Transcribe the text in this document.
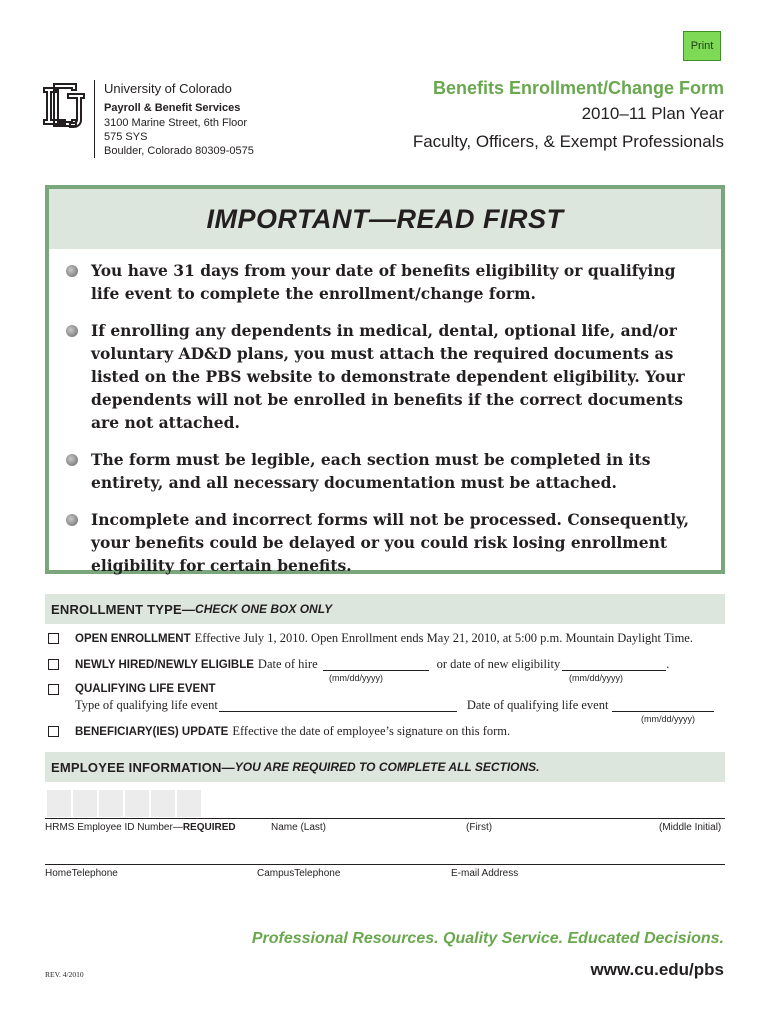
Print
University of Colorado
Payroll & Benefit Services
3100 Marine Street, 6th Floor
575 SYS
Boulder, Colorado 80309-0575
Benefits Enrollment/Change Form
2010–11 Plan Year
Faculty, Officers, & Exempt Professionals
IMPORTANT—READ FIRST
You have 31 days from your date of benefits eligibility or qualifying life event to complete the enrollment/change form.
If enrolling any dependents in medical, dental, optional life, and/or voluntary AD&D plans, you must attach the required documents as listed on the PBS website to demonstrate dependent eligibility. Your dependents will not be enrolled in benefits if the correct documents are not attached.
The form must be legible, each section must be completed in its entirety, and all necessary documentation must be attached.
Incomplete and incorrect forms will not be processed. Consequently, your benefits could be delayed or you could risk losing enrollment eligibility for certain benefits.
ENROLLMENT TYPE— CHECK ONE BOX ONLY
OPEN ENROLLMENT Effective July 1, 2010. Open Enrollment ends May 21, 2010, at 5:00 p.m. Mountain Daylight Time.
NEWLY HIRED/NEWLY ELIGIBLE Date of hire	or date of new eligibility	.
(mm/dd/yyyy)	(mm/dd/yyyy)
QUALIFYING LIFE EVENT
Type of qualifying life event	Date of qualifying life event
(mm/dd/yyyy)
BENEFICIARY(IES) UPDATE Effective the date of employee’s signature on this form.
EMPLOYEE INFORMATION— YOU ARE REQUIRED TO COMPLETE ALL SECTIONS.
HRMS Employee ID Number—REQUIRED	Name (Last)	(First)	(Middle Initial)
HomeTelephone	CampusTelephone	E-mail Address
Professional Resources. Quality Service. Educated Decisions.
REV. 4/2010	www.cu.edu/pbs
